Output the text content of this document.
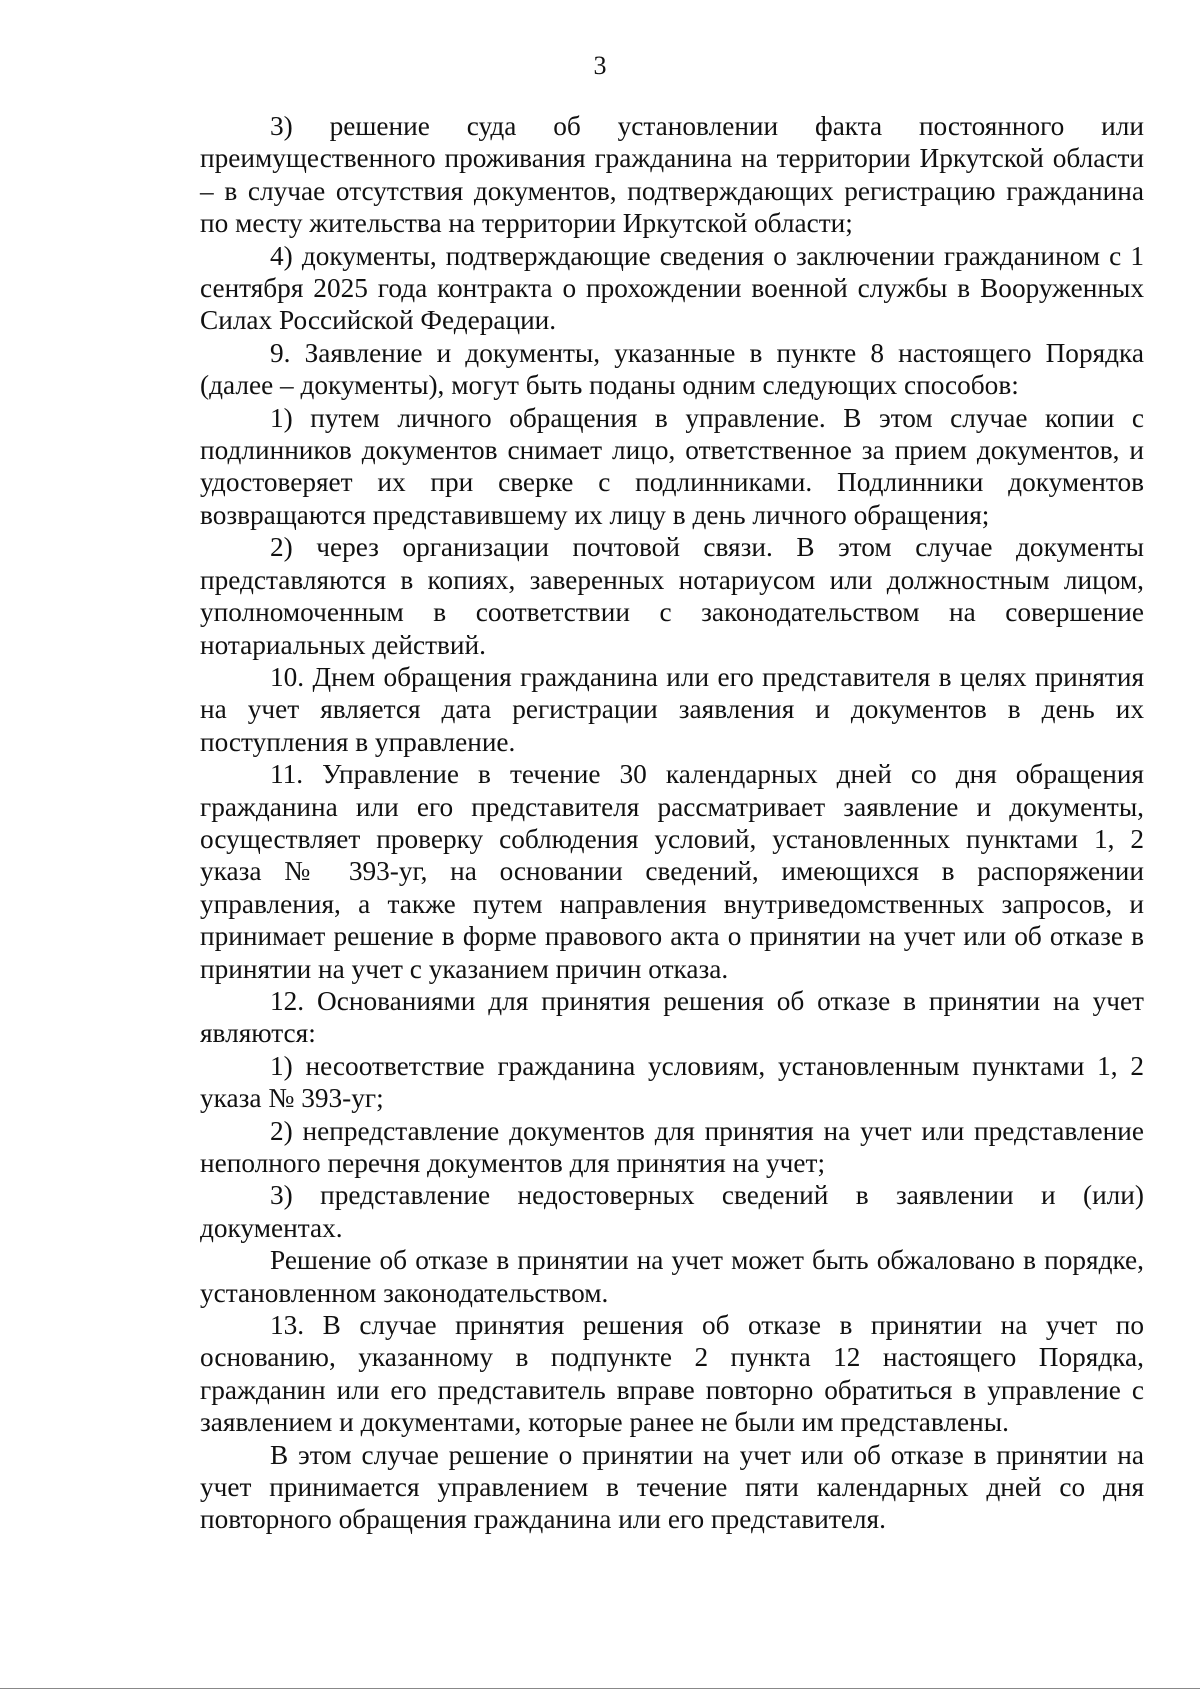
3

3) решение суда об установлении факта постоянного или преимущественного проживания гражданина на территории Иркутской области – в случае отсутствия документов, подтверждающих регистрацию гражданина по месту жительства на территории Иркутской области;

4) документы, подтверждающие сведения о заключении гражданином с 1 сентября 2025 года контракта о прохождении военной службы в Вооруженных Силах Российской Федерации.

9. Заявление и документы, указанные в пункте 8 настоящего Порядка (далее – документы), могут быть поданы одним следующих способов:

1) путем личного обращения в управление. В этом случае копии с подлинников документов снимает лицо, ответственное за прием документов, и удостоверяет их при сверке с подлинниками. Подлинники документов возвращаются представившему их лицу в день личного обращения;

2) через организации почтовой связи. В этом случае документы представляются в копиях, заверенных нотариусом или должностным лицом, уполномоченным в соответствии с законодательством на совершение нотариальных действий.

10. Днем обращения гражданина или его представителя в целях принятия на учет является дата регистрации заявления и документов в день их поступления в управление.

11. Управление в течение 30 календарных дней со дня обращения гражданина или его представителя рассматривает заявление и документы, осуществляет проверку соблюдения условий, установленных пунктами 1, 2 указа № 393-уг, на основании сведений, имеющихся в распоряжении управления, а также путем направления внутриведомственных запросов, и принимает решение в форме правового акта о принятии на учет или об отказе в принятии на учет с указанием причин отказа.

12. Основаниями для принятия решения об отказе в принятии на учет являются:

1) несоответствие гражданина условиям, установленным пунктами 1, 2 указа № 393-уг;

2) непредставление документов для принятия на учет или представление неполного перечня документов для принятия на учет;

3) представление недостоверных сведений в заявлении и (или) документах.

Решение об отказе в принятии на учет может быть обжаловано в порядке, установленном законодательством.

13. В случае принятия решения об отказе в принятии на учет по основанию, указанному в подпункте 2 пункта 12 настоящего Порядка, гражданин или его представитель вправе повторно обратиться в управление с заявлением и документами, которые ранее не были им представлены.

В этом случае решение о принятии на учет или об отказе в принятии на учет принимается управлением в течение пяти календарных дней со дня повторного обращения гражданина или его представителя.
